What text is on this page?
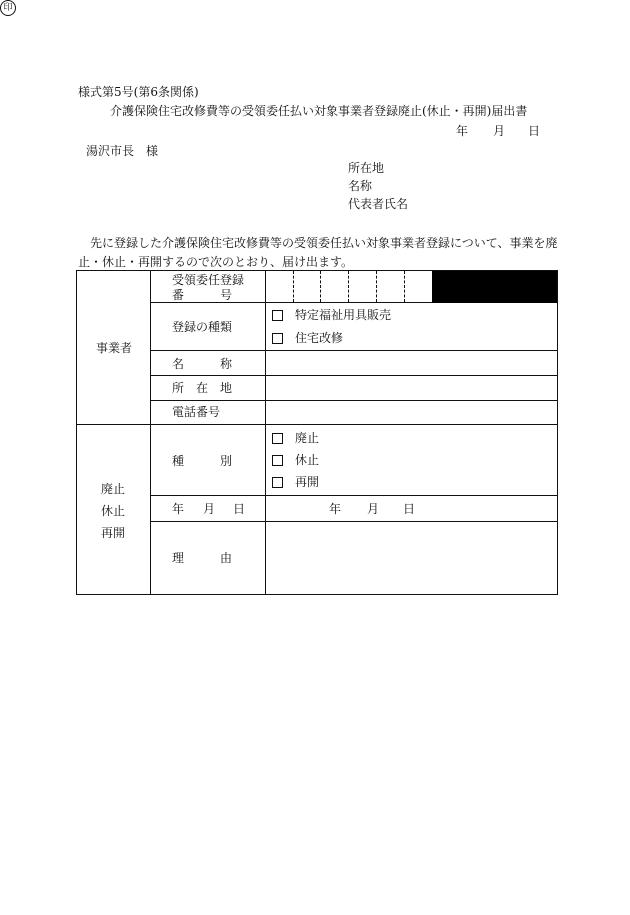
様式第5号(第6条関係)
介護保険住宅改修費等の受領委任払い対象事業者登録廃止(休止・再開)届出書
年 月 日
湯沢市長　様
所在地
名称
代表者氏名
印
先に登録した介護保険住宅改修費等の受領委任払い対象事業者登録について、事業を廃
止・休止・再開するので次のとおり、届け出ます。
事業者
廃止
休止
再開
受領委任登録
番　　　号
登録の種類
名　　　称
所　在　地
電話番号
種　　　別
年 月 日
理　　　由
特定福祉用具販売
住宅改修
廃止
休止
再開
年 月 日
